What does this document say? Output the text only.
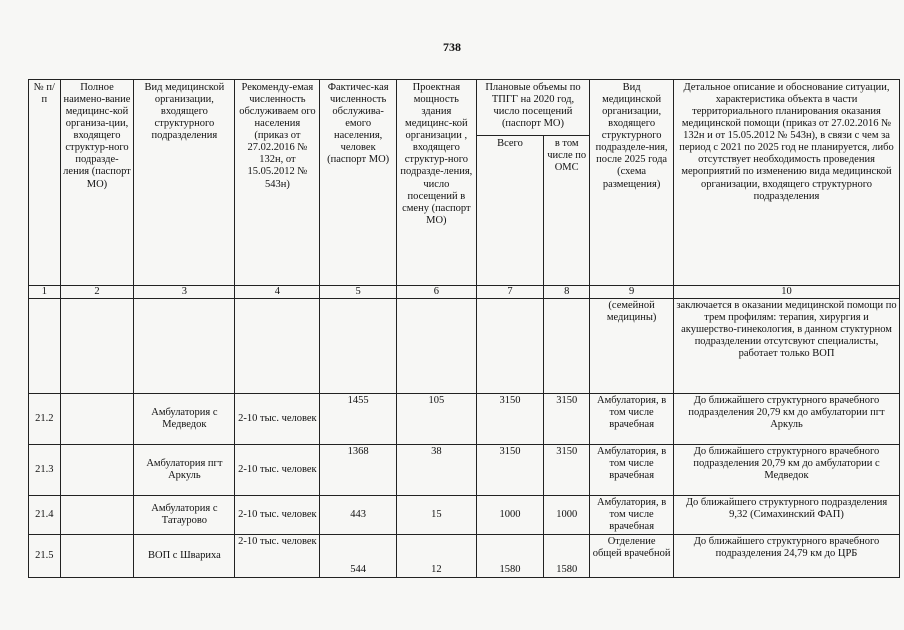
738
№ п/п	Полное наимено-вание медицинс-кой организа-ции, входящего структур-ного подразде-ления (паспорт МО)	Вид медицинской организации, входящего структурного подразделения	Рекоменду-емая численность обслуживаем ого населения (приказ от 27.02.2016 № 132н, от 15.05.2012 № 543н)	Фактичес-кая численность обслужива-емого населения, человек (паспорт МО)	Проектная мощность здания медицинс-кой организации , входящего структур-ного подразде-ления, число посещений в смену (паспорт МО)	Плановые объемы по ТПГГ на 2020 год, число посещений (паспорт МО)		Вид медицинской организации, входящего структурного подразделе-ния, после 2025 года (схема размещения)	Детальное описание и обоснование ситуации, характеристика объекта в части территориального планирования оказания медицинской помощи (приказ от 27.02.2016 № 132н и от 15.05.2012 № 543н), в связи с чем за период с 2021 по 2025 год не планируется, либо отсутствует необходимость проведения мероприятий по изменению вида медицинской организации, входящего структурного подразделения
						Всего	в том числе по ОМС		
1	2	3	4	5	6	7	8	9	10
								(семейной медицины)	заключается в оказании медицинской помощи по трем профилям: терапия, хирургия и акушерство-гинекология, в данном стуктурном подразделении отсутсвуют специалисты, работает только ВОП
21.2		Амбулатория с Медведок	2-10 тыс. человек	1455	105	3150	3150	Амбулатория, в том числе врачебная	До ближайшего структурного врачебного подразделения 20,79 км до амбулатории пгт Аркуль
21.3		Амбулатория пгт Аркуль	2-10 тыс. человек	1368	38	3150	3150	Амбулатория, в том числе врачебная	До ближайшего структурного врачебного подразделения 20,79 км до амбулатории с Медведок
21.4		Амбулатория с Татаурово	2-10 тыс. человек	443	15	1000	1000	Амбулатория, в том числе врачебная	До ближайшего структурного подразделения 9,32 (Симахинский ФАП)
21.5		ВОП с Швариха	2-10 тыс. человек	544	12	1580	1580	Отделение общей врачебной	До ближайшего структурного врачебного подразделения 24,79 км до ЦРБ
